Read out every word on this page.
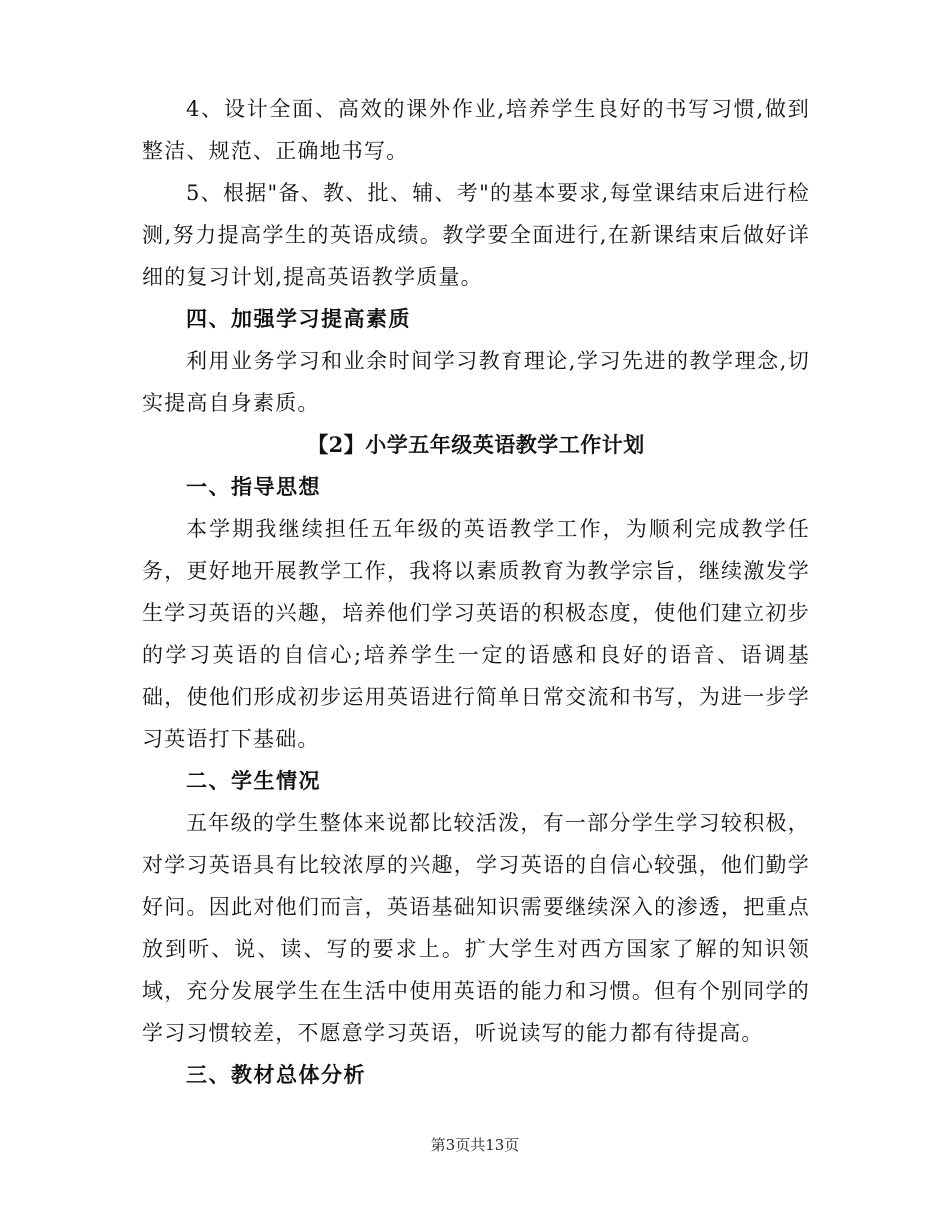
4、设计全面、高效的课外作业,培养学生良好的书写习惯,做到整洁、规范、正确地书写。

5、根据"备、教、批、辅、考"的基本要求,每堂课结束后进行检测,努力提高学生的英语成绩。教学要全面进行,在新课结束后做好详细的复习计划,提高英语教学质量。

四、加强学习提高素质

利用业务学习和业余时间学习教育理论,学习先进的教学理念,切实提高自身素质。

【2】小学五年级英语教学工作计划

一、指导思想

本学期我继续担任五年级的英语教学工作，为顺利完成教学任务，更好地开展教学工作，我将以素质教育为教学宗旨，继续激发学生学习英语的兴趣，培养他们学习英语的积极态度，使他们建立初步的学习英语的自信心;培养学生一定的语感和良好的语音、语调基础，使他们形成初步运用英语进行简单日常交流和书写，为进一步学习英语打下基础。

二、学生情况

五年级的学生整体来说都比较活泼，有一部分学生学习较积极，对学习英语具有比较浓厚的兴趣，学习英语的自信心较强，他们勤学好问。因此对他们而言，英语基础知识需要继续深入的渗透，把重点放到听、说、读、写的要求上。扩大学生对西方国家了解的知识领域，充分发展学生在生活中使用英语的能力和习惯。但有个别同学的学习习惯较差，不愿意学习英语，听说读写的能力都有待提高。

三、教材总体分析

第3页共13页
